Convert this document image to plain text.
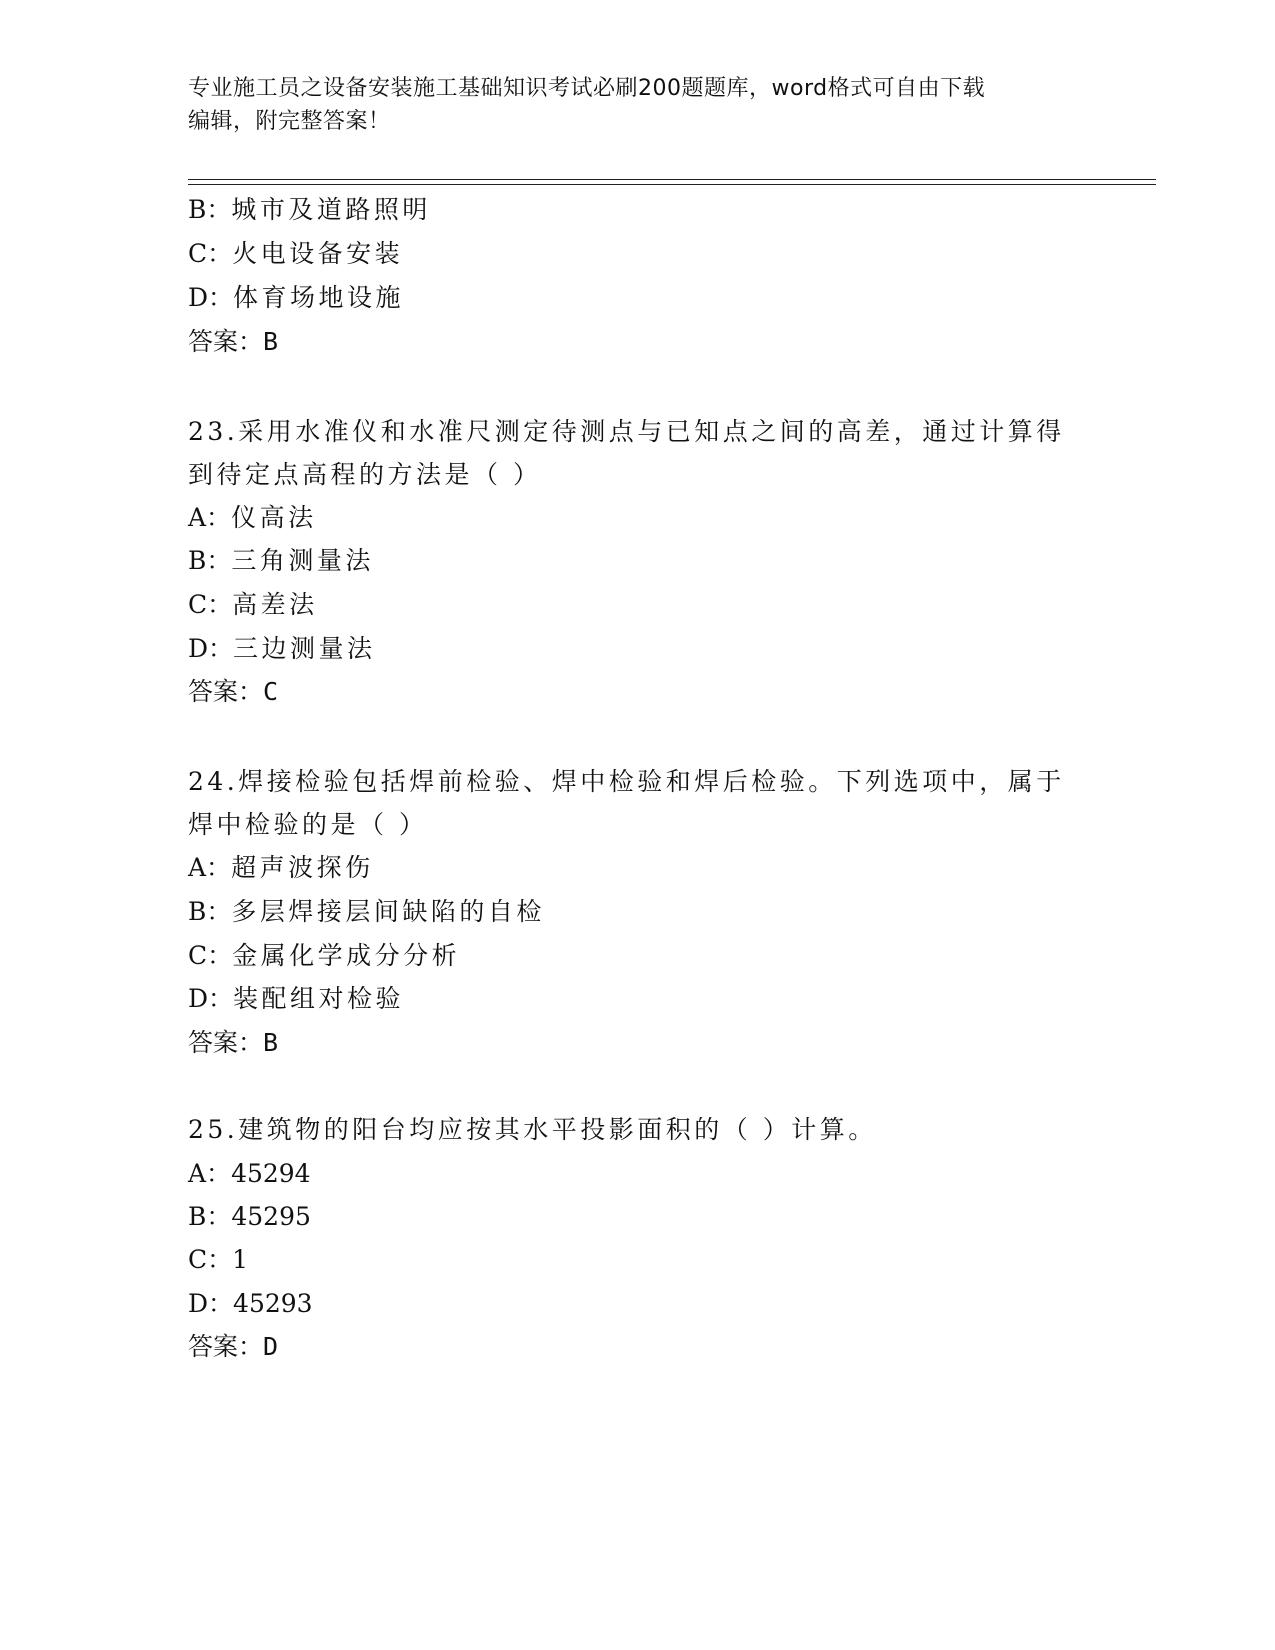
专业施工员之设备安装施工基础知识考试必刷200题题库，word格式可自由下载
编辑，附完整答案！
B：城市及道路照明
C：火电设备安装
D：体育场地设施
答案：B
23.采用水准仪和水准尺测定待测点与已知点之间的高差，通过计算得
到待定点高程的方法是（ ）
A：仪高法
B：三角测量法
C：高差法
D：三边测量法
答案：C
24.焊接检验包括焊前检验、焊中检验和焊后检验。下列选项中，属于
焊中检验的是（ ）
A：超声波探伤
B：多层焊接层间缺陷的自检
C：金属化学成分分析
D：装配组对检验
答案：B
25.建筑物的阳台均应按其水平投影面积的（ ）计算。
A：45294
B：45295
C：1
D：45293
答案：D
